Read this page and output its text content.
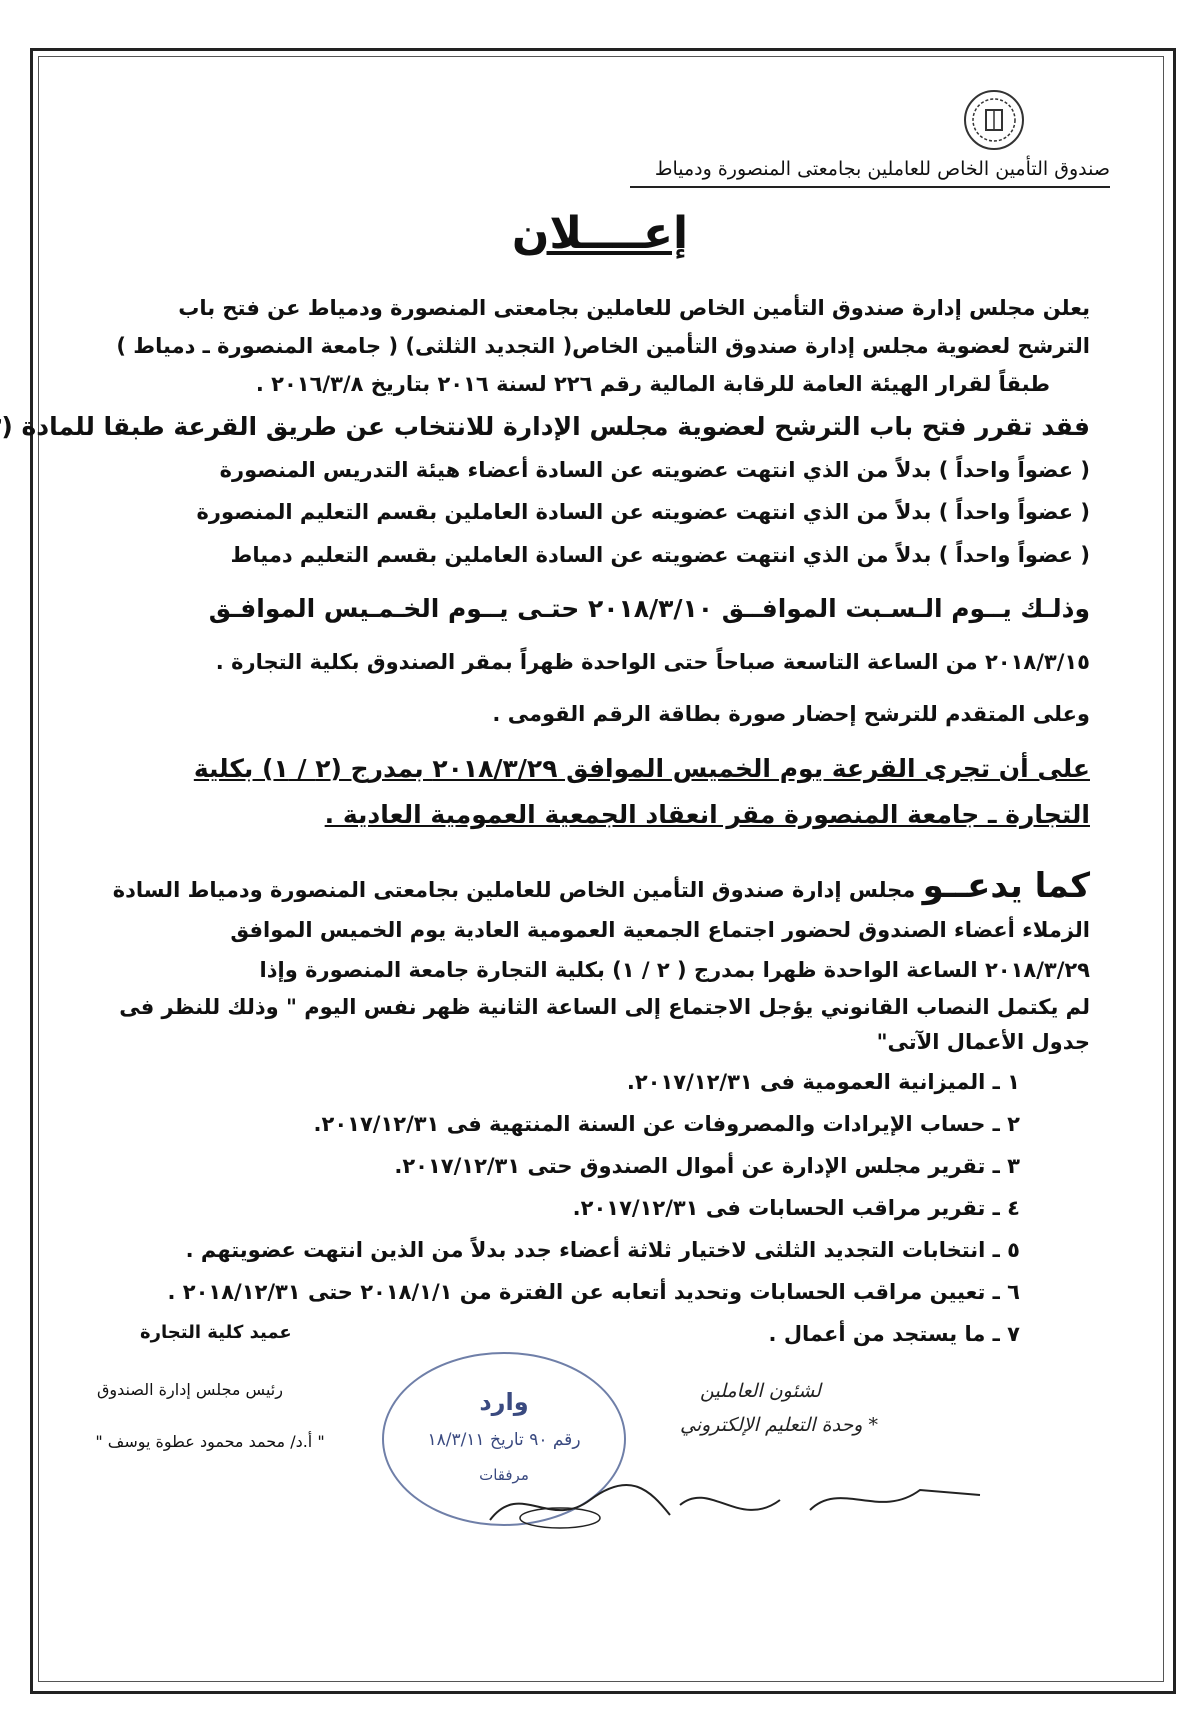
صندوق التأمين الخاص للعاملين بجامعتى المنصورة ودمياط
إعــــلان
يعلن مجلس إدارة صندوق التأمين الخاص للعاملين بجامعتى المنصورة ودمياط عن فتح باب
الترشح لعضوية مجلس إدارة صندوق التأمين الخاص( التجديد الثلثى) ( جامعة المنصورة ـ دمياط )
طبقاً لقرار الهيئة العامة للرقابة المالية رقم ٢٢٦ لسنة ٢٠١٦ بتاريخ ٢٠١٦/٣/٨ .
فقد تقرر فتح باب الترشح لعضوية مجلس الإدارة للانتخاب عن طريق القرعة طبقا للمادة (
( عضواً واحداً ) بدلاً من الذي انتهت عضويته عن السادة أعضاء هيئة التدريس المنصورة
( عضواً واحداً ) بدلاً من الذي انتهت عضويته عن السادة العاملين بقسم التعليم المنصورة
( عضواً واحداً ) بدلاً من الذي انتهت عضويته عن السادة العاملين بقسم التعليم دمياط
وذلـك يــوم الـسـبت الموافــق ٢٠١٨/٣/١٠ حتـى يــوم الخـمـيس الموافـق
٢٠١٨/٣/١٥ من الساعة التاسعة صباحاً حتى الواحدة ظهراً بمقر الصندوق بكلية التجارة .
وعلى المتقدم للترشح إحضار صورة بطاقة الرقم القومى .
على أن تجرى القرعة يوم الخميس الموافق ٢٠١٨/٣/٢٩ بمدرج (٢ / ١) بكلية
التجارة ـ جامعة المنصورة مقر انعقاد الجمعية العمومية العادية .
كما يدعــو مجلس إدارة صندوق التأمين الخاص للعاملين بجامعتى المنصورة ودمياط السادة
الزملاء أعضاء الصندوق لحضور اجتماع الجمعية العمومية العادية يوم الخميس الموافق
٢٠١٨/٣/٢٩ الساعة الواحدة ظهرا بمدرج ( ٢ / ١) بكلية التجارة جامعة المنصورة وإذا
لم يكتمل النصاب القانوني يؤجل الاجتماع إلى الساعة الثانية ظهر نفس اليوم " وذلك للنظر فى
جدول الأعمال الآتى"
١ ـ الميزانية العمومية فى ٢٠١٧/١٢/٣١.
٢ ـ حساب الإيرادات والمصروفات عن السنة المنتهية فى ٢٠١٧/١٢/٣١.
٣ ـ تقرير مجلس الإدارة عن أموال الصندوق حتى ٢٠١٧/١٢/٣١.
٤ ـ تقرير مراقب الحسابات فى ٢٠١٧/١٢/٣١.
٥ ـ انتخابات التجديد الثلثى لاختيار ثلاثة أعضاء جدد بدلاً من الذين انتهت عضويتهم .
٦ ـ تعيين مراقب الحسابات وتحديد أتعابه عن الفترة من ٢٠١٨/١/١ حتى ٢٠١٨/١٢/٣١ .
٧ ـ ما يستجد من أعمال .
عميد كلية التجارة
رئيس مجلس إدارة الصندوق
" أ.د/ محمد محمود عطوة يوسف "
وارد
رقم ٩٠ تاريخ ١٨/٣/١١
مرفقات
لشئون العاملين
* وحدة التعليم الإلكتروني
